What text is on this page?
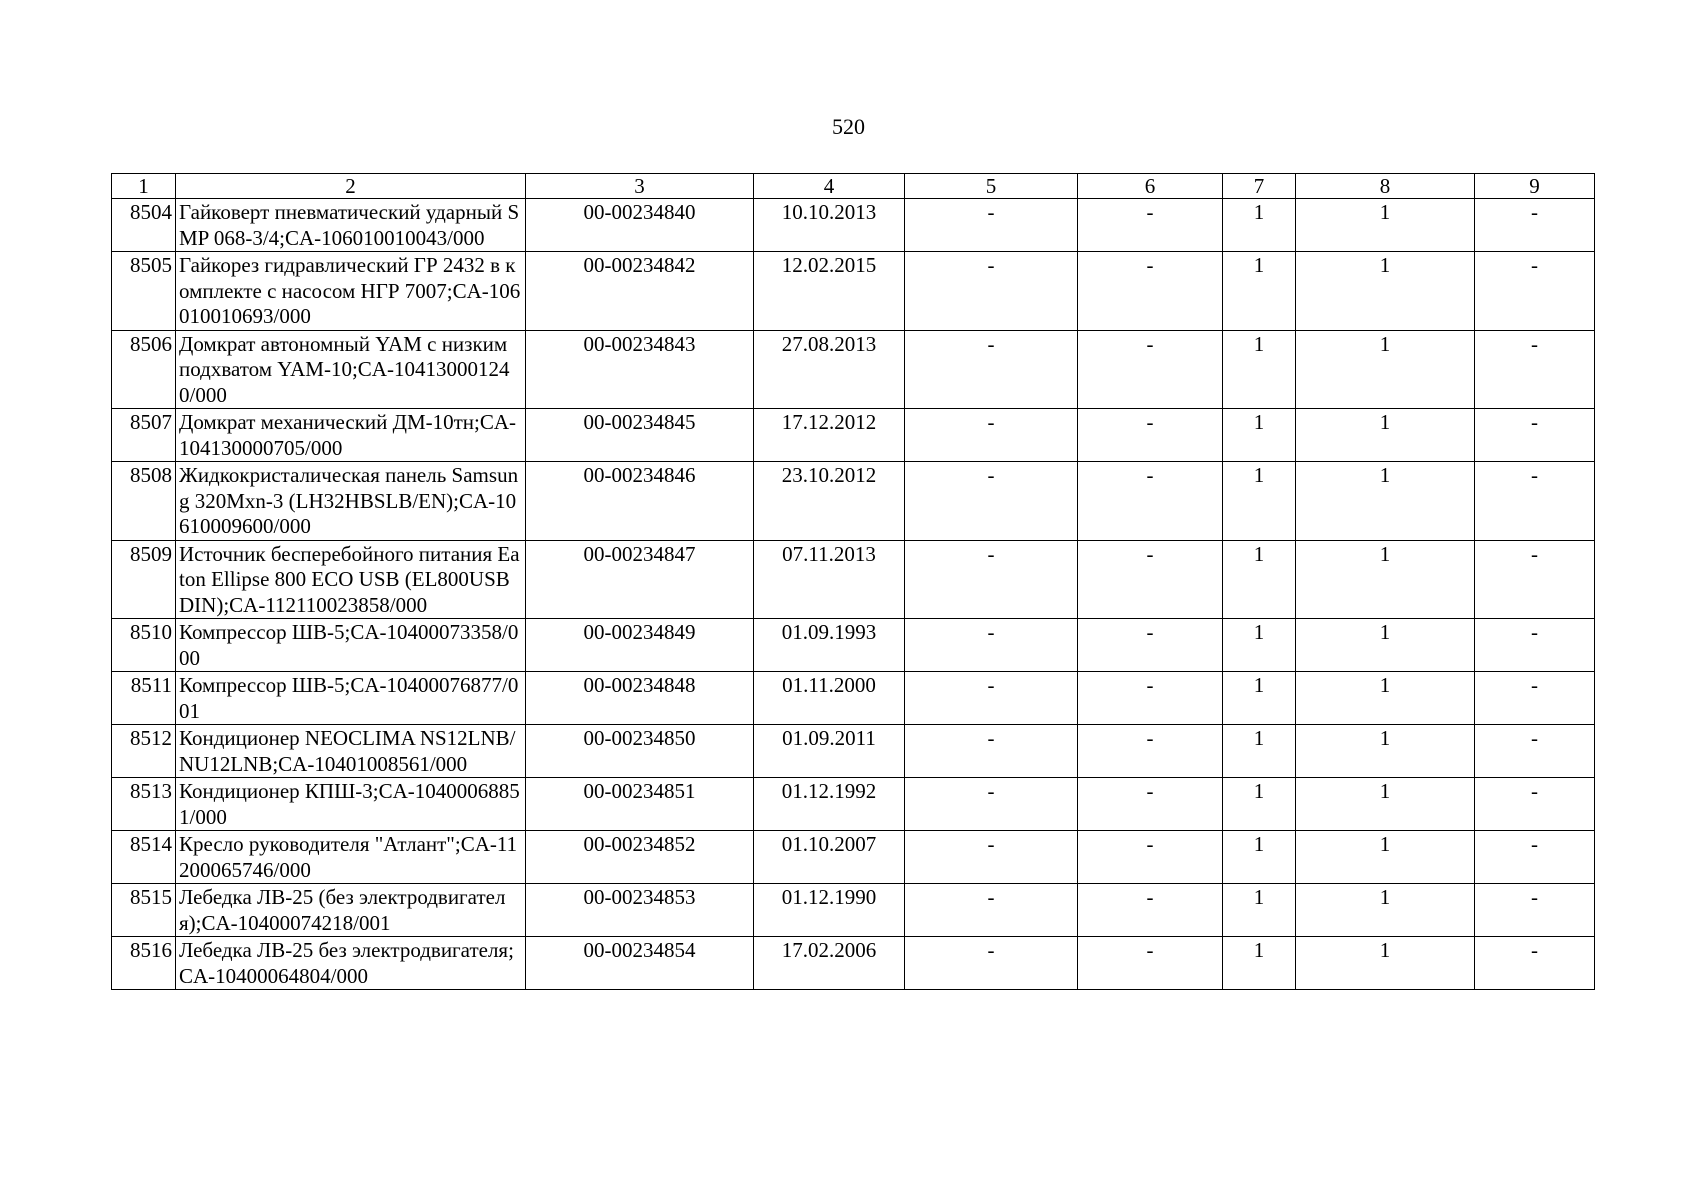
520
1	2	3	4	5	6	7	8	9
8504	Гайковерт пневматический ударный SMP 068-3/4;CA-106010010043/000	00-00234840	10.10.2013	-	-	1	1	-
8505	Гайкорез гидравлический ГР 2432 в комплекте с насосом НГР 7007;CA-106010010693/000	00-00234842	12.02.2015	-	-	1	1	-
8506	Домкрат автономный YAM с низким подхватом YAM-10;CA-104130001240/000	00-00234843	27.08.2013	-	-	1	1	-
8507	Домкрат механический ДМ-10тн;CA-104130000705/000	00-00234845	17.12.2012	-	-	1	1	-
8508	Жидкокристалическая панель Samsung 320Mxn-3 (LH32HBSLB/EN);CA-10610009600/000	00-00234846	23.10.2012	-	-	1	1	-
8509	Источник бесперебойного питания Eaton Ellipse 800 ECO USB (EL800USBDIN);CA-112110023858/000	00-00234847	07.11.2013	-	-	1	1	-
8510	Компрессор ШВ-5;CA-10400073358/000	00-00234849	01.09.1993	-	-	1	1	-
8511	Компрессор ШВ-5;CA-10400076877/001	00-00234848	01.11.2000	-	-	1	1	-
8512	Кондиционер NEOCLIMA NS12LNB/NU12LNB;CA-10401008561/000	00-00234850	01.09.2011	-	-	1	1	-
8513	Кондиционер КПШ-3;CA-10400068851/000	00-00234851	01.12.1992	-	-	1	1	-
8514	Кресло руководителя "Атлант";CA-11200065746/000	00-00234852	01.10.2007	-	-	1	1	-
8515	Лебедка ЛВ-25 (без электродвигателя);CA-10400074218/001	00-00234853	01.12.1990	-	-	1	1	-
8516	Лебедка ЛВ-25 без электродвигателя;CA-10400064804/000	00-00234854	17.02.2006	-	-	1	1	-
